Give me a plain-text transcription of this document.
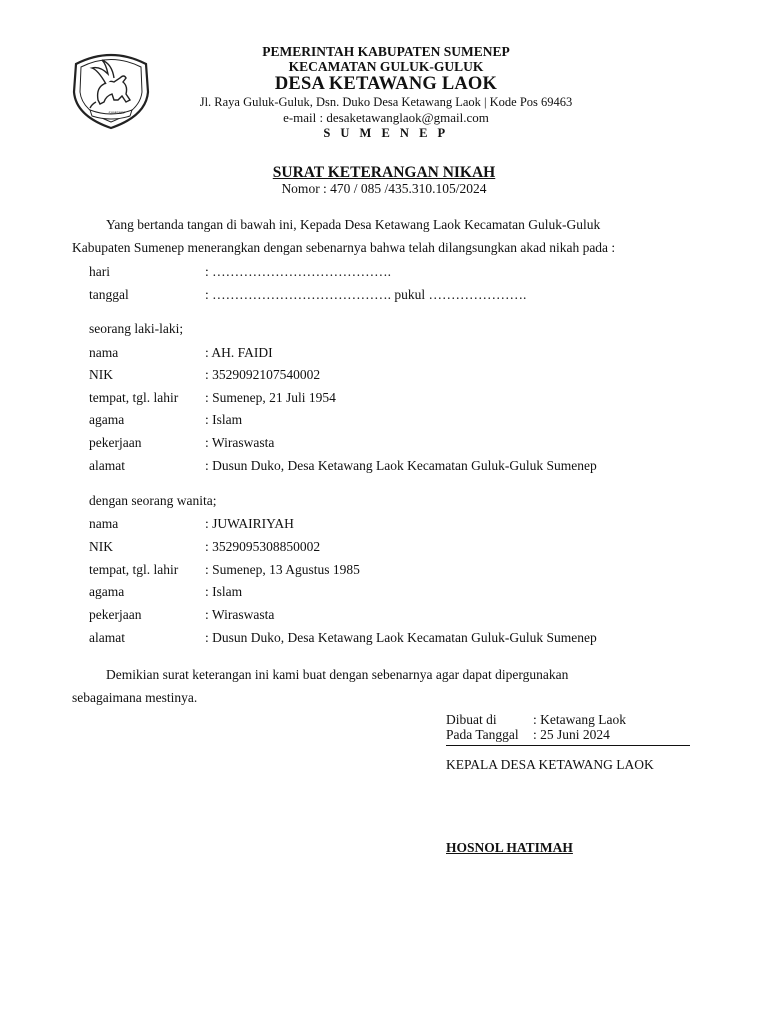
SUMENEP
PEMERINTAH KABUPATEN SUMENEP
KECAMATAN GULUK-GULUK
DESA KETAWANG LAOK
Jl. Raya Guluk-Guluk, Dsn. Duko Desa Ketawang Laok | Kode Pos 69463
e-mail : desaketawanglaok@gmail.com
S U M E N E P
SURAT KETERANGAN NIKAH
Nomor : 470 / 085 /435.310.105/2024
Yang bertanda tangan di bawah ini, Kepada Desa Ketawang Laok Kecamatan Guluk-Guluk
Kabupaten Sumenep menerangkan dengan sebenarnya bahwa telah dilangsungkan akad nikah pada :
hari	: ………………………………….
tanggal	: …………………………………. pukul ………………….
seorang laki-laki;
nama	: AH. FAIDI
NIK	: 3529092107540002
tempat, tgl. lahir : Sumenep, 21 Juli 1954
agama	: Islam
pekerjaan	: Wiraswasta
alamat	: Dusun Duko, Desa Ketawang Laok Kecamatan Guluk-Guluk Sumenep
dengan seorang wanita;
nama	: JUWAIRIYAH
NIK	: 3529095308850002
tempat, tgl. lahir : Sumenep, 13 Agustus 1985
agama	: Islam
pekerjaan	: Wiraswasta
alamat	: Dusun Duko, Desa Ketawang Laok Kecamatan Guluk-Guluk Sumenep
Demikian surat keterangan ini kami buat dengan sebenarnya agar dapat dipergunakan
sebagaimana mestinya.
Dibuat di	: Ketawang Laok
Pada Tanggal : 25 Juni 2024
KEPALA DESA KETAWANG LAOK
HOSNOL HATIMAH
